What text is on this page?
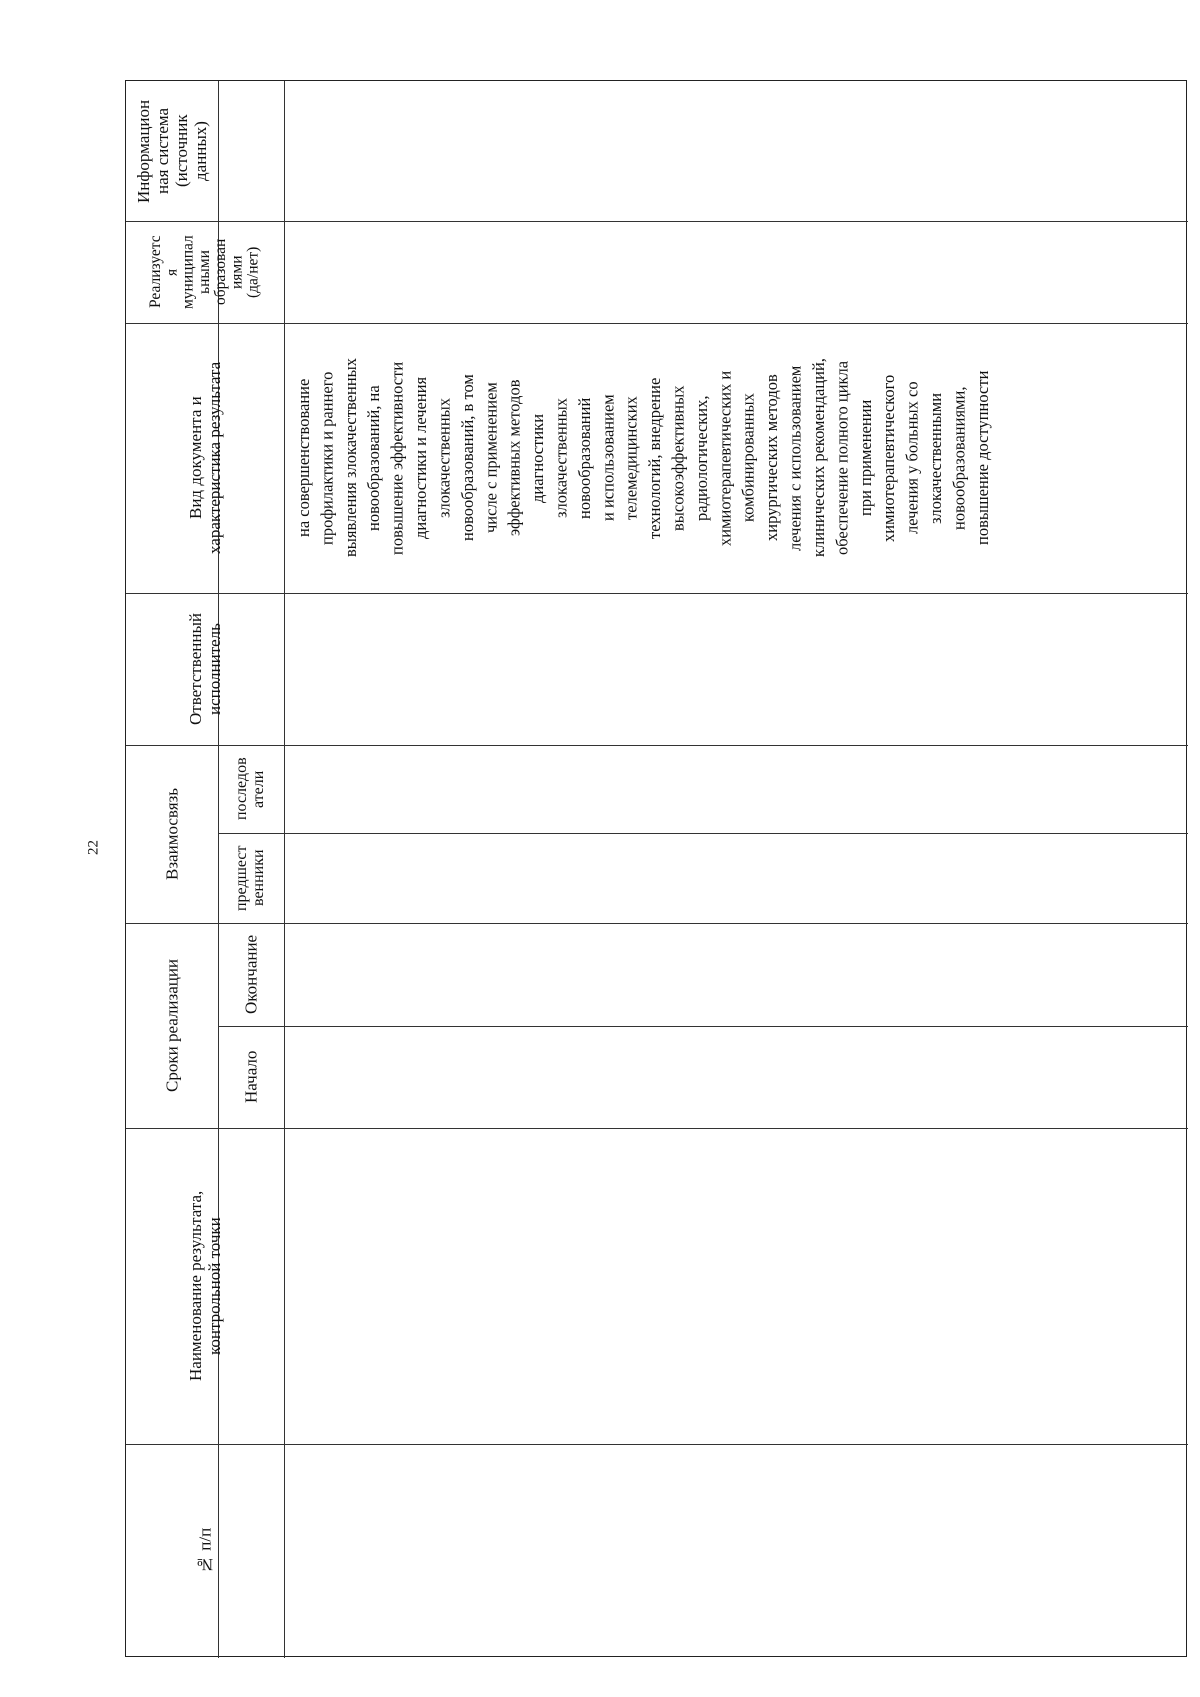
22
Информацион
ная система
(источник
данных)
Реализуетс
я
муниципал
ьными
образован
иями
(да/нет)
Вид документа и
характеристика результата
Ответственный
исполнитель
Взаимосвязь	последов
атели
предшест
венники
Сроки реализации	Окончание
Начало
Наименование результата,
контрольной точки
№ п/п
на совершенствование
профилактики и раннего
выявления злокачественных
новообразований, на
повышение эффективности
диагностики и лечения
злокачественных
новообразований, в том
числе с применением
эффективных методов
диагностики
злокачественных
новообразований
и использованием
телемедицинских
технологий, внедрение
высокоэффективных
радиологических,
химиотерапевтических и
комбинированных
хирургических методов
лечения с использованием
клинических рекомендаций,
обеспечение полного цикла
при применении
химиотерапевтического
лечения у больных со
злокачественными
новообразованиями,
повышение доступности
